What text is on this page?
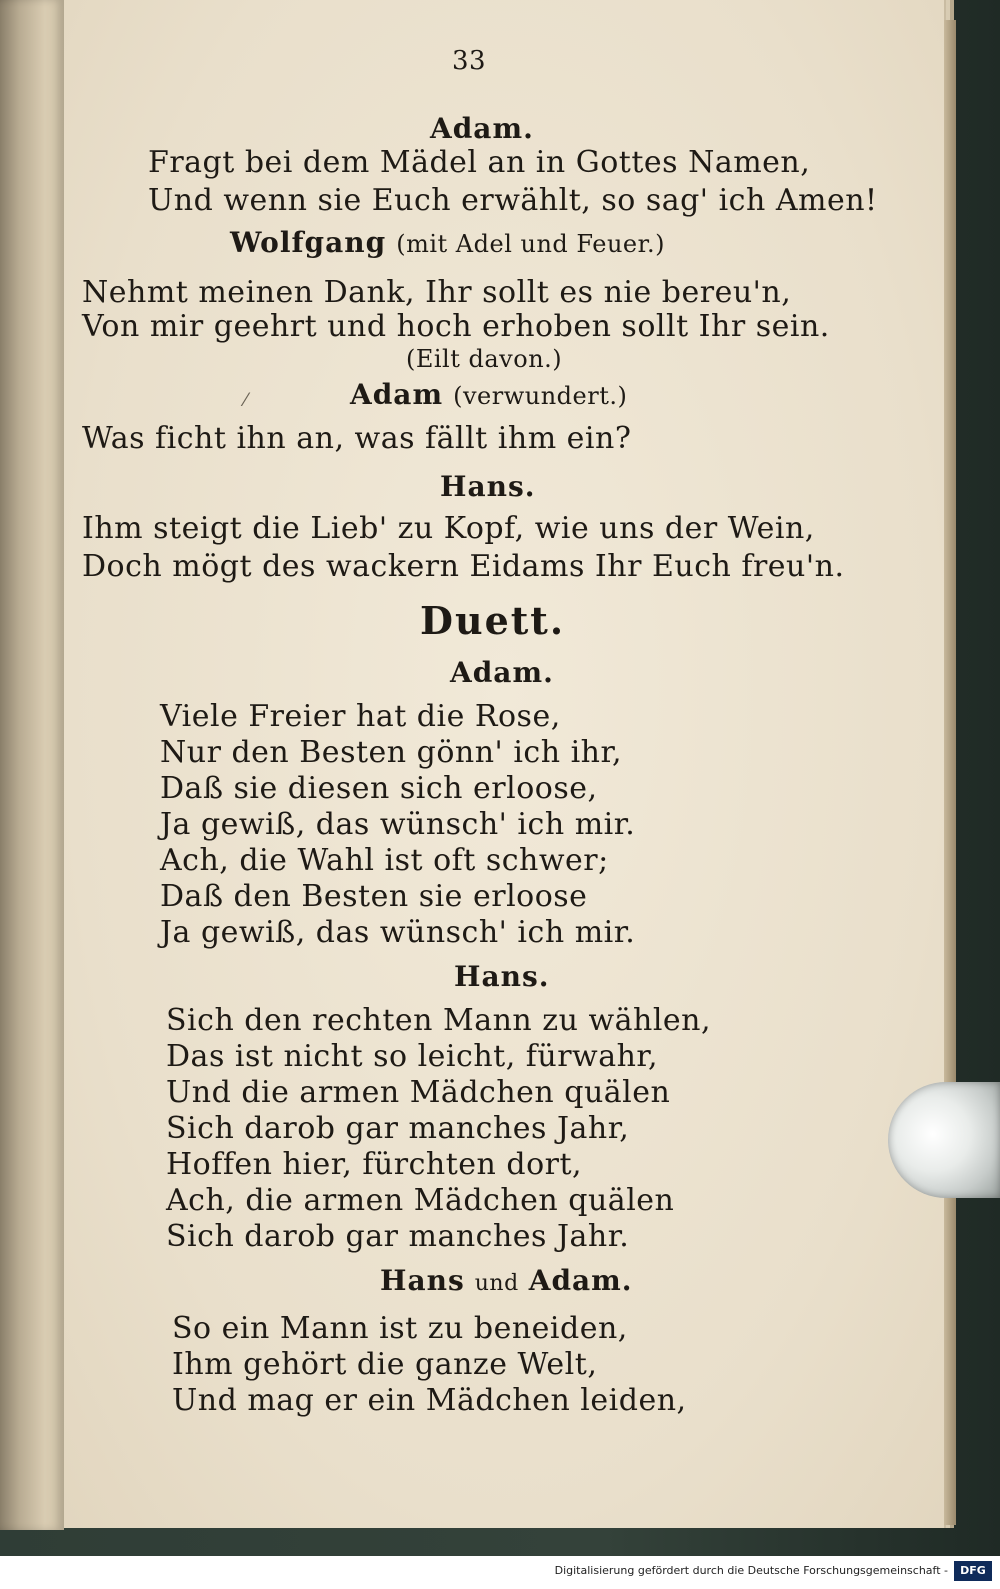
33
Adam.
Fragt bei dem Mädel an in Gottes Namen,
Und wenn sie Euch erwählt, so sag' ich Amen!
Wolfgang (mit Adel und Feuer.)
Nehmt meinen Dank, Ihr sollt es nie bereu'n,
Von mir geehrt und hoch erhoben sollt Ihr sein.
(Eilt davon.)
⁄	Adam (verwundert.)
Was ficht ihn an, was fällt ihm ein?
Hans.
Ihm steigt die Lieb' zu Kopf, wie uns der Wein,
Doch mögt des wackern Eidams Ihr Euch freu'n.
Duett.
Adam.
Viele Freier hat die Rose,
Nur den Besten gönn' ich ihr,
Daß sie diesen sich erloose,
Ja gewiß, das wünsch' ich mir.
Ach, die Wahl ist oft schwer;
Daß den Besten sie erloose
Ja gewiß, das wünsch' ich mir.
Hans.
Sich den rechten Mann zu wählen,
Das ist nicht so leicht, fürwahr,
Und die armen Mädchen quälen
Sich darob gar manches Jahr,
Hoffen hier, fürchten dort,
Ach, die armen Mädchen quälen
Sich darob gar manches Jahr.
Hans und Adam.
So ein Mann ist zu beneiden,
Ihm gehört die ganze Welt,
Und mag er ein Mädchen leiden,
Digitalisierung gefördert durch die Deutsche Forschungsgemeinschaft -	DFG
